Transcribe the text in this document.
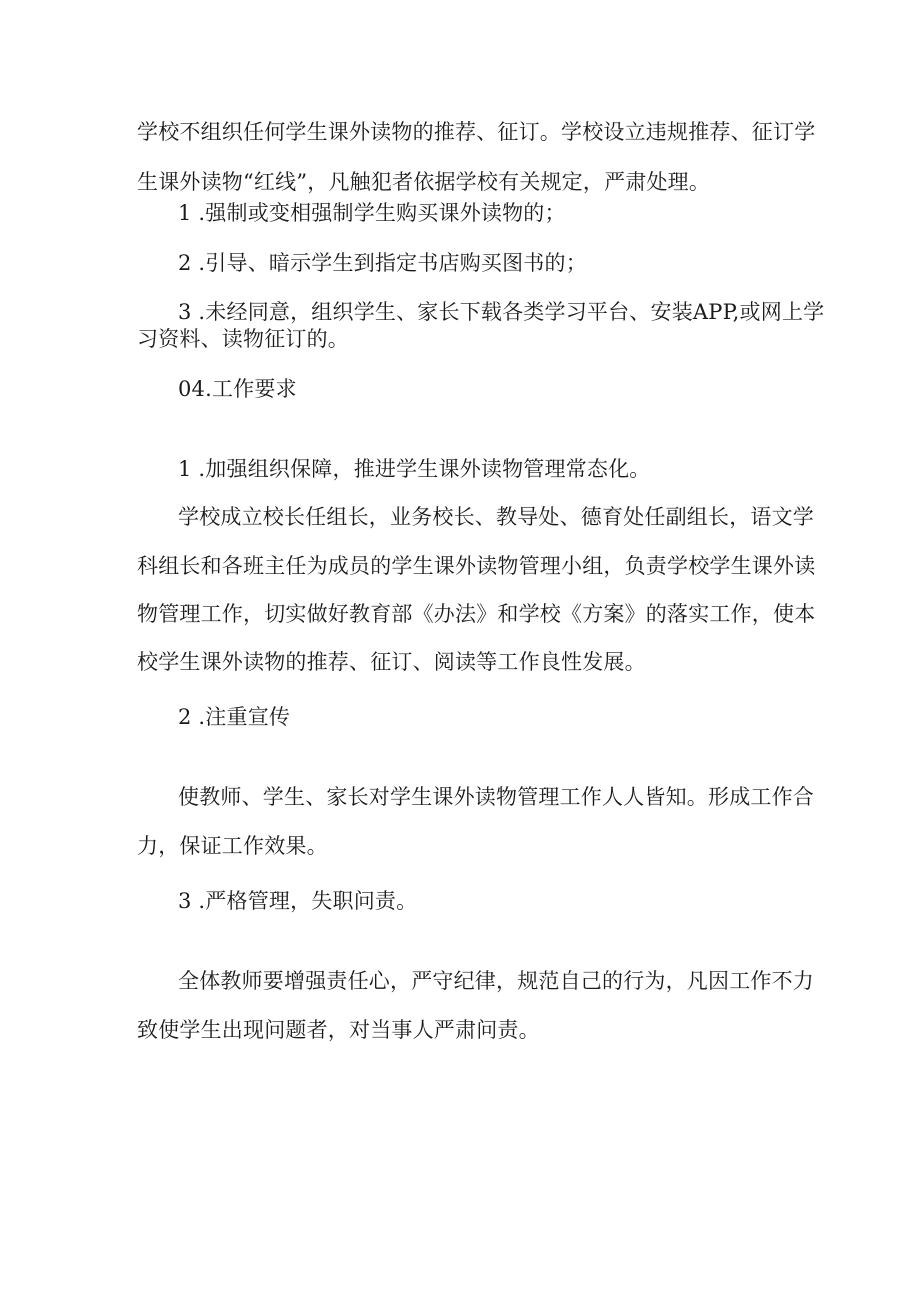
学校不组织任何学生课外读物的推荐、征订。学校设立违规推荐、征订学

生课外读物“红线”，凡触犯者依据学校有关规定，严肃处理。

1 .强制或变相强制学生购买课外读物的；

2 .引导、暗示学生到指定书店购买图书的；

3 .未经同意，组织学生、家长下载各类学习平台、安装APP,或网上学

习资料、读物征订的。

04.工作要求

1 .加强组织保障，推进学生课外读物管理常态化。

学校成立校长任组长，业务校长、教导处、德育处任副组长，语文学

科组长和各班主任为成员的学生课外读物管理小组，负责学校学生课外读

物管理工作，切实做好教育部《办法》和学校《方案》的落实工作，使本

校学生课外读物的推荐、征订、阅读等工作良性发展。

2 .注重宣传

使教师、学生、家长对学生课外读物管理工作人人皆知。形成工作合

力，保证工作效果。

3 .严格管理，失职问责。

全体教师要增强责任心，严守纪律，规范自己的行为，凡因工作不力

致使学生出现问题者，对当事人严肃问责。
